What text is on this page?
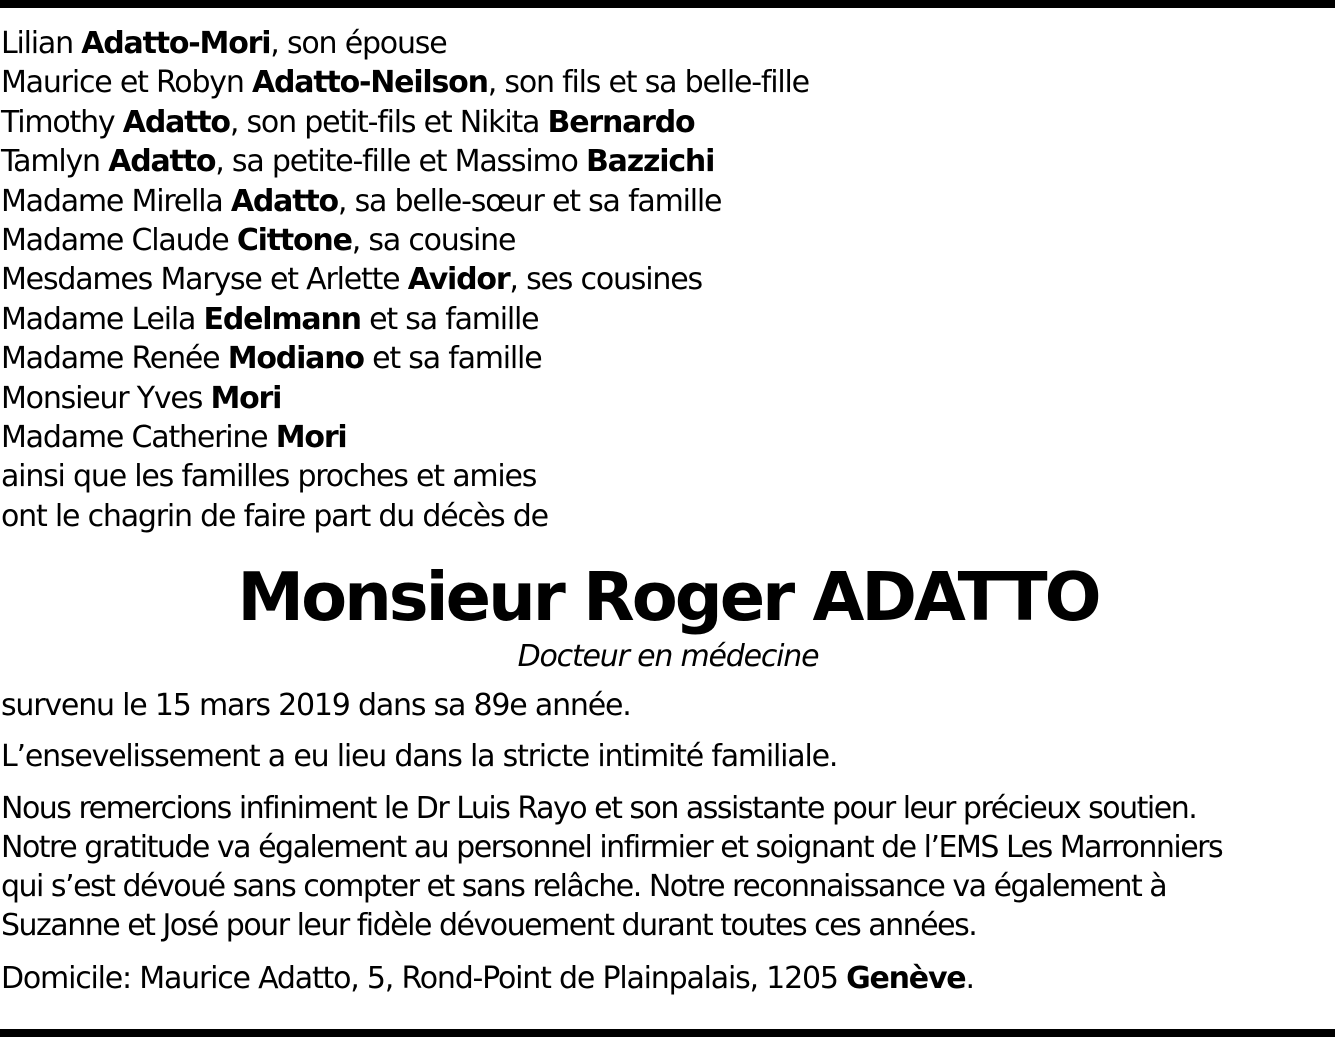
Lilian Adatto-Mori, son épouse
Maurice et Robyn Adatto-Neilson, son fils et sa belle-fille
Timothy Adatto, son petit-fils et Nikita Bernardo
Tamlyn Adatto, sa petite-fille et Massimo Bazzichi
Madame Mirella Adatto, sa belle-sœur et sa famille
Madame Claude Cittone, sa cousine
Mesdames Maryse et Arlette Avidor, ses cousines
Madame Leila Edelmann et sa famille
Madame Renée Modiano et sa famille
Monsieur Yves Mori
Madame Catherine Mori
ainsi que les familles proches et amies
ont le chagrin de faire part du décès de
Monsieur Roger ADATTO
Docteur en médecine
survenu le 15 mars 2019 dans sa 89e année.
L’ensevelissement a eu lieu dans la stricte intimité familiale.
Nous remercions infiniment le Dr Luis Rayo et son assistante pour leur précieux soutien.
Notre gratitude va également au personnel infirmier et soignant de l’EMS Les Marronniers
qui s’est dévoué sans compter et sans relâche. Notre reconnaissance va également à
Suzanne et José pour leur fidèle dévouement durant toutes ces années.
Domicile: Maurice Adatto, 5, Rond-Point de Plainpalais, 1205 Genève.
